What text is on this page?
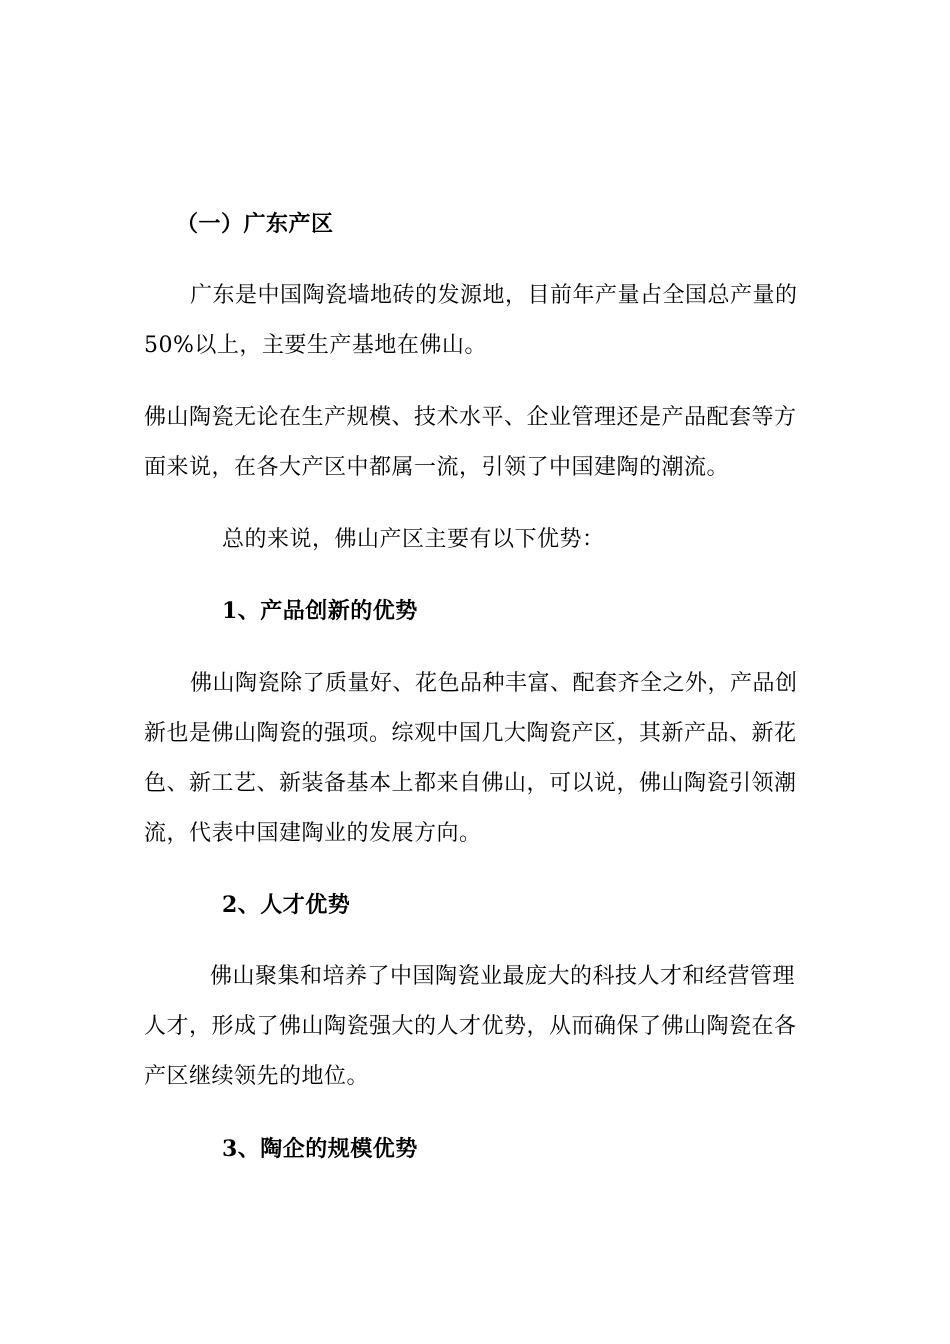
（一）广东产区
广东是中国陶瓷墙地砖的发源地，目前年产量占全国总产量的
50%以上，主要生产基地在佛山。
佛山陶瓷无论在生产规模、技术水平、企业管理还是产品配套等方
面来说，在各大产区中都属一流，引领了中国建陶的潮流。
总的来说，佛山产区主要有以下优势：
1、产品创新的优势
佛山陶瓷除了质量好、花色品种丰富、配套齐全之外，产品创
新也是佛山陶瓷的强项。综观中国几大陶瓷产区，其新产品、新花
色、新工艺、新装备基本上都来自佛山，可以说，佛山陶瓷引领潮
流，代表中国建陶业的发展方向。
2、人才优势
佛山聚集和培养了中国陶瓷业最庞大的科技人才和经营管理
人才，形成了佛山陶瓷强大的人才优势，从而确保了佛山陶瓷在各
产区继续领先的地位。
3、陶企的规模优势
